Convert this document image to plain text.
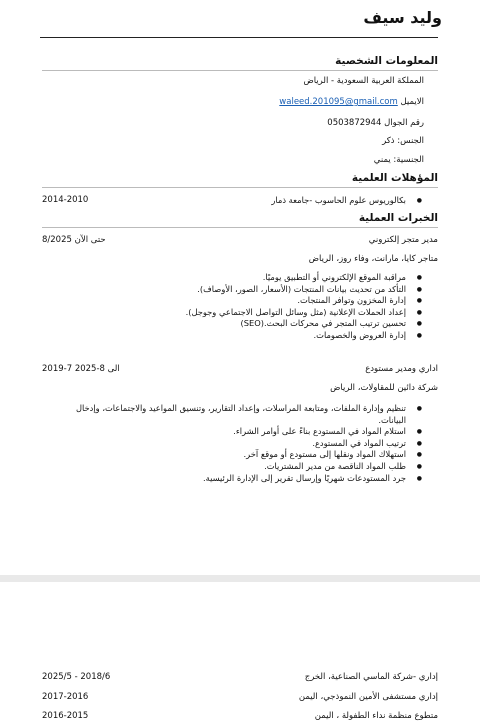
وليد سيف
المعلومات الشخصية
المملكة العربية السعودية - الرياض
الايميل waleed.201095@gmail.com
رقم الجوال 0503872944
الجنس: ذكر
الجنسية: يمني
المؤهلات العلمية
● بكالوريوس علوم الحاسوب -جامعة ذمار
2014-2010
الخبرات العملية
مدير متجر إلكتروني
8/2025 حتى الآن
متاجر كايا، مارانت، وفاء روز، الرياض
● مراقبة الموقع الإلكتروني أو التطبيق يوميًا.
● التأكد من تحديث بيانات المنتجات (الأسعار، الصور، الأوصاف).
● إدارة المخزون وتوافر المنتجات.
● إعداد الحملات الإعلانية (مثل وسائل التواصل الاجتماعي وجوجل).
● تحسين ترتيب المتجر في محركات البحث.(SEO)
● إدارة العروض والخصومات.
اداري ومدير مستودع
2019-7 الى 8-2025
شركة دائين للمقاولات، الرياض
● تنظيم وإدارة الملفات، ومتابعة المراسلات، وإعداد التقارير، وتنسيق المواعيد والاجتماعات، وإدخال البيانات.
● استلام المواد في المستودع بناءً على أوامر الشراء.
● ترتيب المواد في المستودع.
● استهلاك المواد ونقلها إلى مستودع أو موقع آخر.
● طلب المواد الناقصة من مدير المشتريات.
● جرد المستودعات شهريًا وإرسال تقرير إلى الإدارة الرئيسية.
إداري -شركة الماسي الصناعية، الخرج
2025/5 - 2018/6
إداري مستشفى الأمين النموذجي، اليمن
2017-2016
متطوع منظمة نداء الطفولة ، اليمن
2016-2015
